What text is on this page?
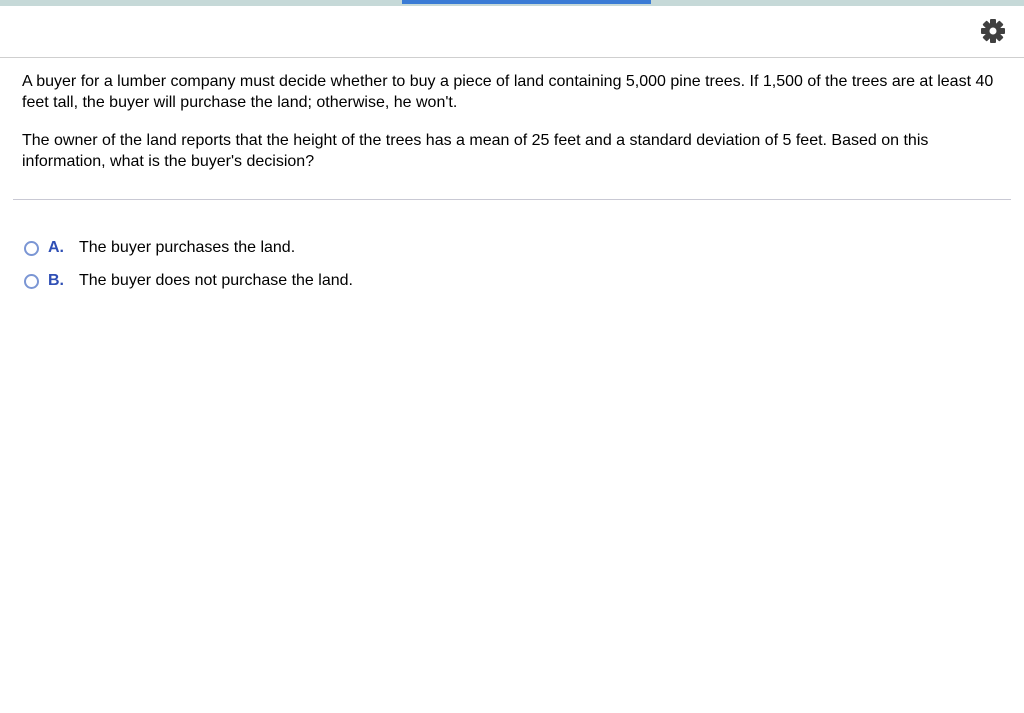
A buyer for a lumber company must decide whether to buy a piece of land containing 5,000 pine trees. If 1,500 of the trees are at least 40 feet tall, the buyer will purchase the land; otherwise, he won't.

The owner of the land reports that the height of the trees has a mean of 25 feet and a standard deviation of 5 feet. Based on this information, what is the buyer's decision?

A. The buyer purchases the land.
B. The buyer does not purchase the land.
